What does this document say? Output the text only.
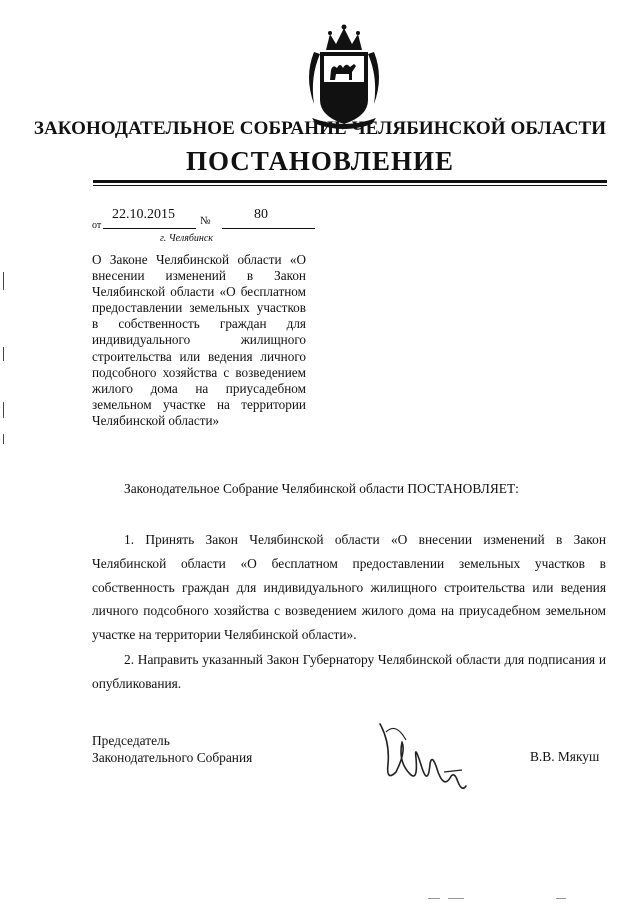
ЗАКОНОДАТЕЛЬНОЕ СОБРАНИЕ ЧЕЛЯБИНСКОЙ ОБЛАСТИ
ПОСТАНОВЛЕНИЕ
от
22.10.2015 №	80
г. Челябинск
О Законе Челябинской области «О внесении изменений в Закон Челябинской области «О бесплатном предоставлении земельных участков в собственность граждан для индивидуального жилищного строительства или ведения личного подсобного хозяйства с возведением жилого дома на приусадебном земельном участке на территории Челябинской области»
Законодательное Собрание Челябинской области ПОСТАНОВЛЯЕТ:
1. Принять Закон Челябинской области «О внесении изменений в Закон Челябинской области «О бесплатном предоставлении земельных участков в собственность граждан для индивидуального жилищного строительства или ведения личного подсобного хозяйства с возведением жилого дома на приусадебном земельном участке на территории Челябинской области».
2. Направить указанный Закон Губернатору Челябинской области для подписания и опубликования.
Председатель
Законодательного Собрания	В.В. Мякуш
